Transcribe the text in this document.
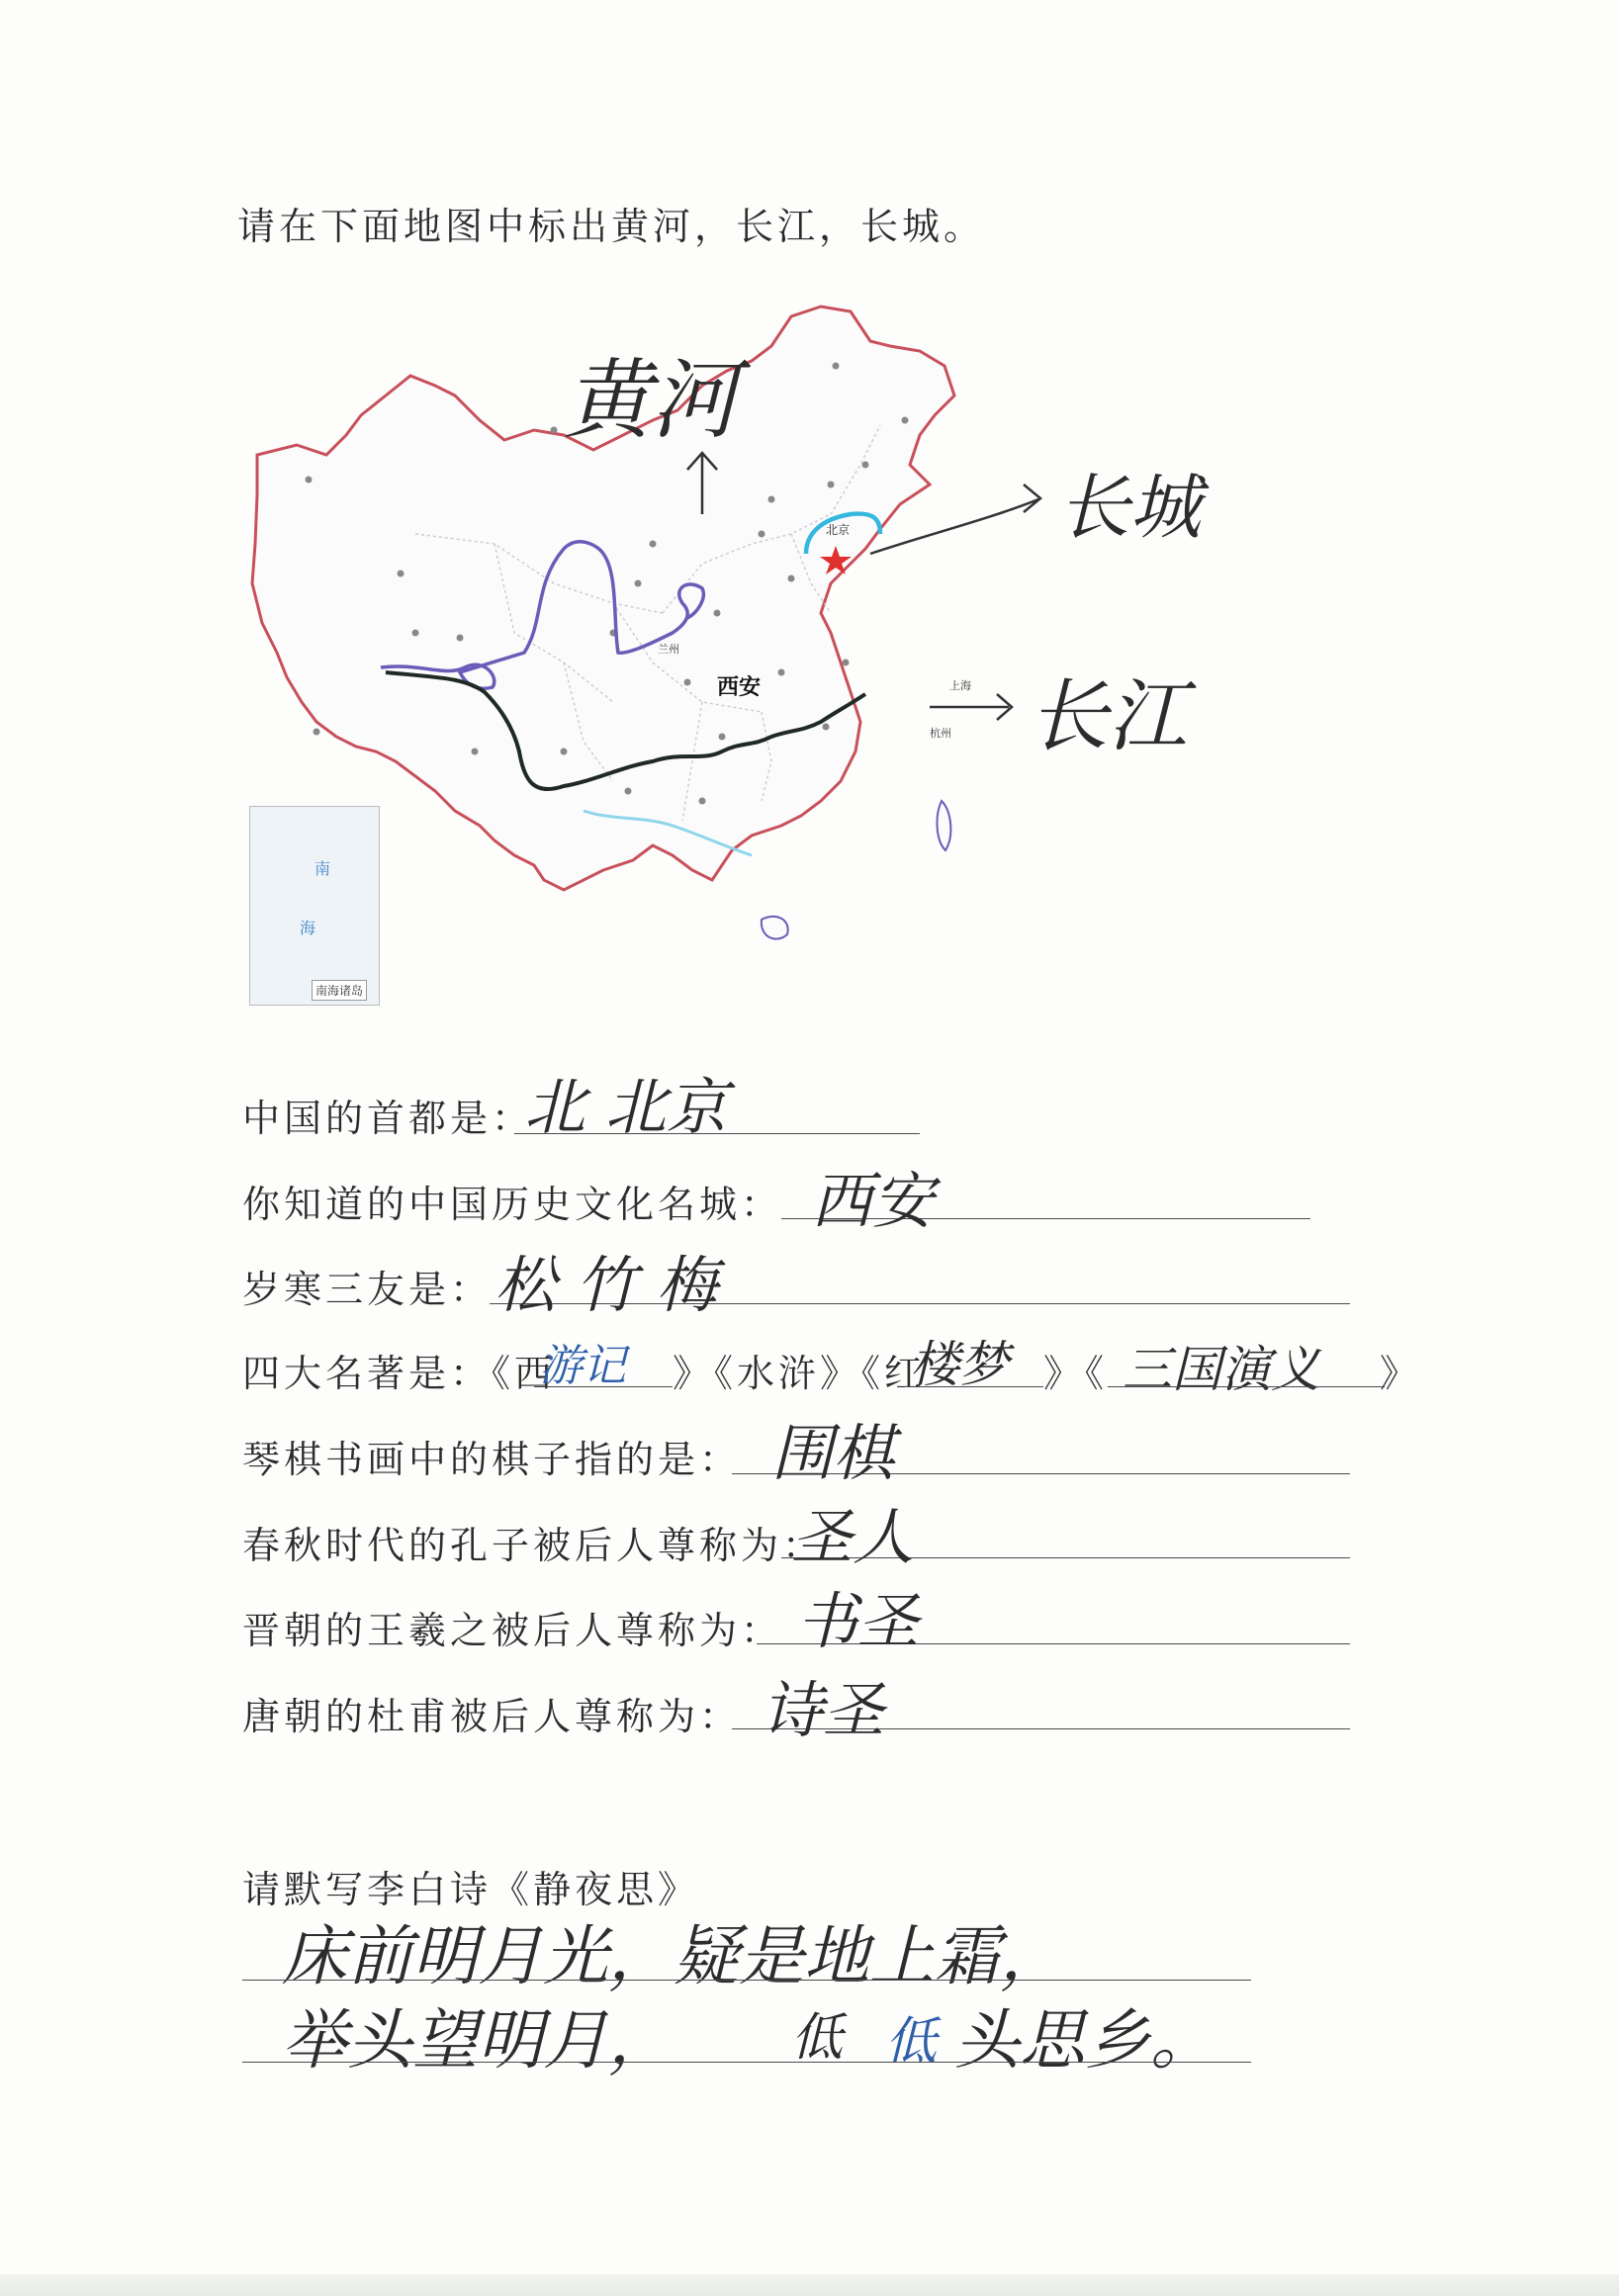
请在下面地图中标出黄河，长江，长城。
北京
西安
兰州
上海
杭州
黄河
长城
长江
南
海
南海诸岛
中国的首都是：
北 北京
你知道的中国历史文化名城： 西安
岁寒三友是： 松 竹 梅
四大名著是：《西
游记 》《水浒》《红
楼梦 》《 三国演义 》
琴棋书画中的棋子指的是： 围棋
春秋时代的孔子被后人尊称为：
圣人
晋朝的王羲之被后人尊称为： 书圣
唐朝的杜甫被后人尊称为： 诗圣
请默写李白诗《静夜思》
床前明月光，疑是地上霜，
举头望明月， 低 低 头思乡。
